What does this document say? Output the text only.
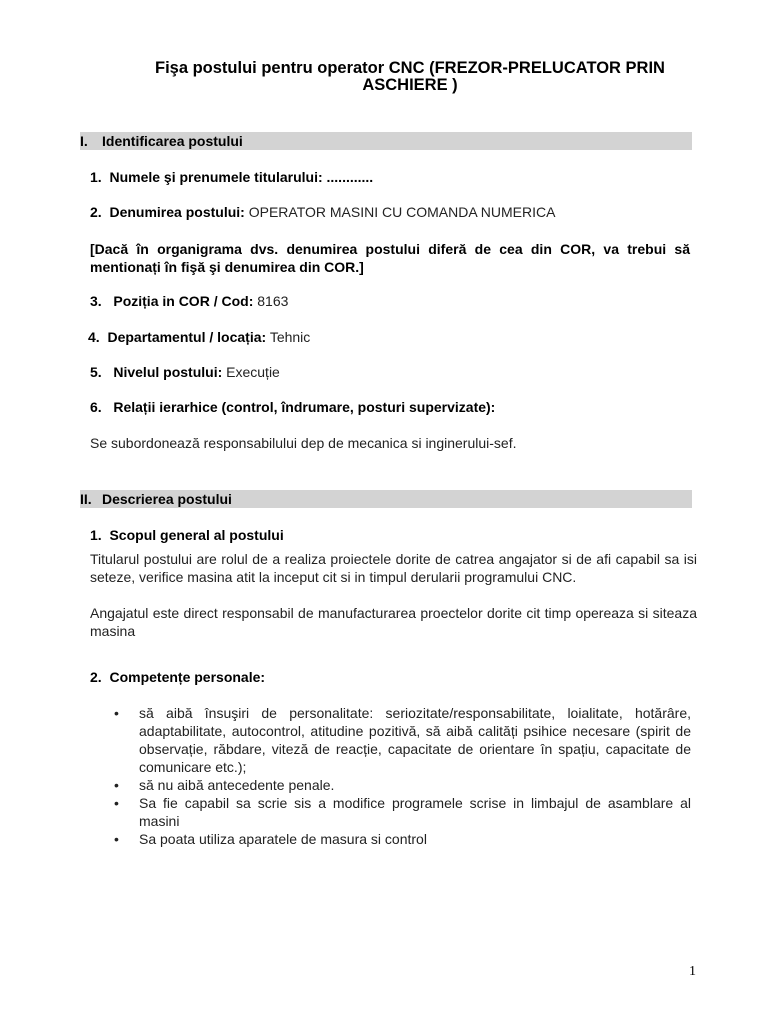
Fişa postului pentru operator CNC (FREZOR-PRELUCATOR PRIN
ASCHIERE )
I. Identificarea postului
1. Numele şi prenumele titularului: ............
2. Denumirea postului: OPERATOR MASINI CU COMANDA NUMERICA
[Dacă în organigrama dvs. denumirea postului diferă de cea din COR, va trebui să mentionați în fişă şi denumirea din COR.]
3. Poziția in COR / Cod: 8163
4. Departamentul / locația: Tehnic
5. Nivelul postului: Execuție
6. Relații ierarhice (control, îndrumare, posturi supervizate):
Se subordonează responsabilului dep de mecanica si inginerului-sef.
II. Descrierea postului
1. Scopul general al postului
Titularul postului are rolul de a realiza proiectele dorite de catrea angajator si de afi capabil sa isi seteze, verifice masina atit la inceput cit si in timpul derularii programului CNC.
Angajatul este direct responsabil de manufacturarea proectelor dorite cit timp opereaza si siteaza masina
2. Competențe personale:
• să aibă însuşiri de personalitate: seriozitate/responsabilitate, loialitate, hotărâre, adaptabilitate, autocontrol, atitudine pozitivă, să aibă calități psihice necesare (spirit de observație, răbdare, viteză de reacție, capacitate de orientare în spațiu, capacitate de comunicare etc.);
• să nu aibă antecedente penale.
• Sa fie capabil sa scrie sis a modifice programele scrise in limbajul de asamblare al masini
• Sa poata utiliza aparatele de masura si control
1
